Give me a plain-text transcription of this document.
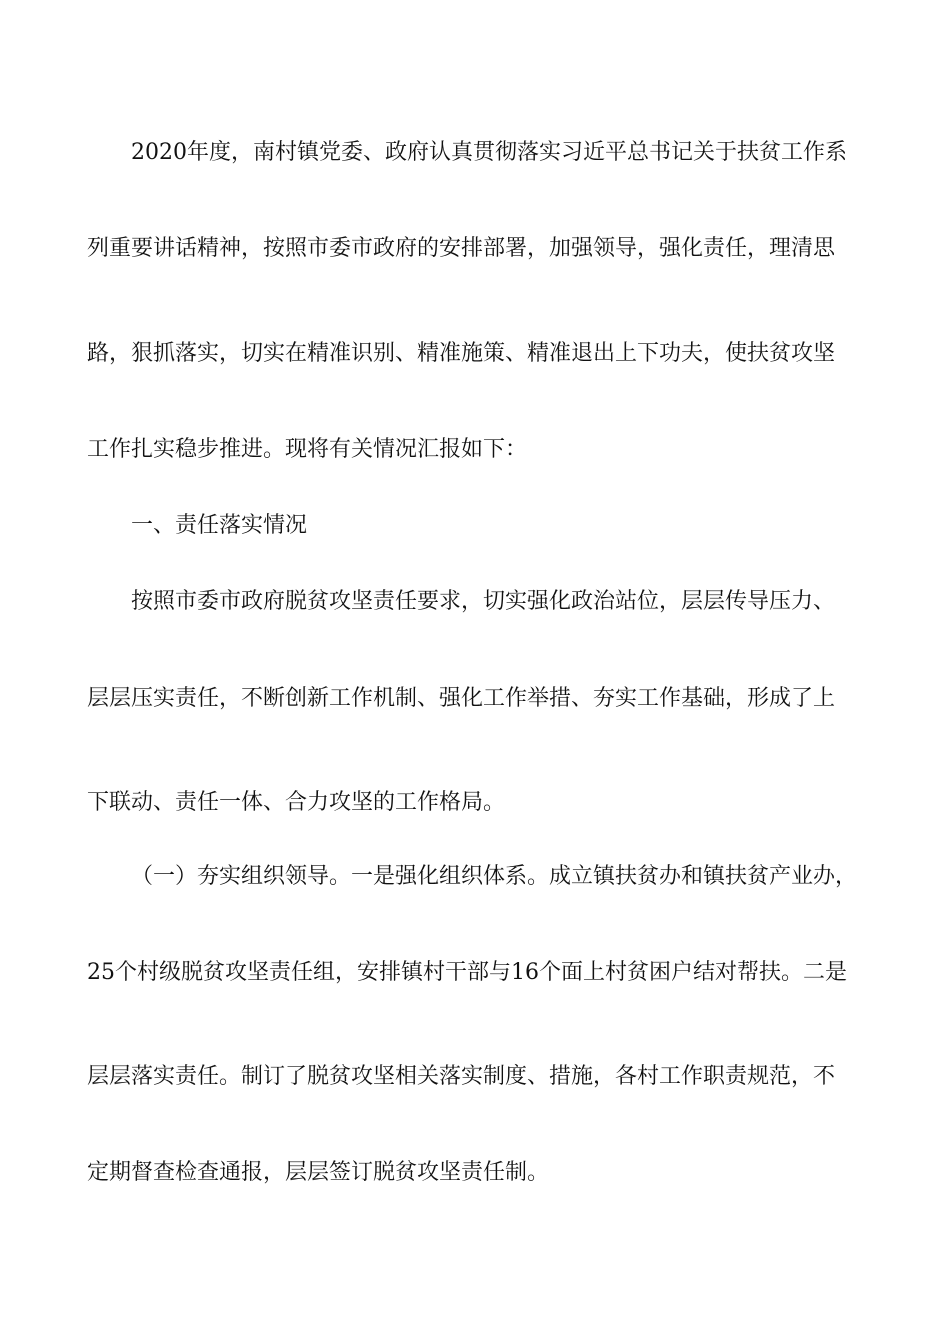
2020年度，南村镇党委、政府认真贯彻落实习近平总书记关于扶贫工作系
列重要讲话精神，按照市委市政府的安排部署，加强领导，强化责任，理清思
路，狠抓落实，切实在精准识别、精准施策、精准退出上下功夫，使扶贫攻坚
工作扎实稳步推进。现将有关情况汇报如下：
一、责任落实情况
按照市委市政府脱贫攻坚责任要求，切实强化政治站位，层层传导压力、
层层压实责任，不断创新工作机制、强化工作举措、夯实工作基础，形成了上
下联动、责任一体、合力攻坚的工作格局。
（一）夯实组织领导。一是强化组织体系。成立镇扶贫办和镇扶贫产业办，
25个村级脱贫攻坚责任组，安排镇村干部与16个面上村贫困户结对帮扶。二是
层层落实责任。制订了脱贫攻坚相关落实制度、措施，各村工作职责规范，不
定期督查检查通报，层层签订脱贫攻坚责任制。
